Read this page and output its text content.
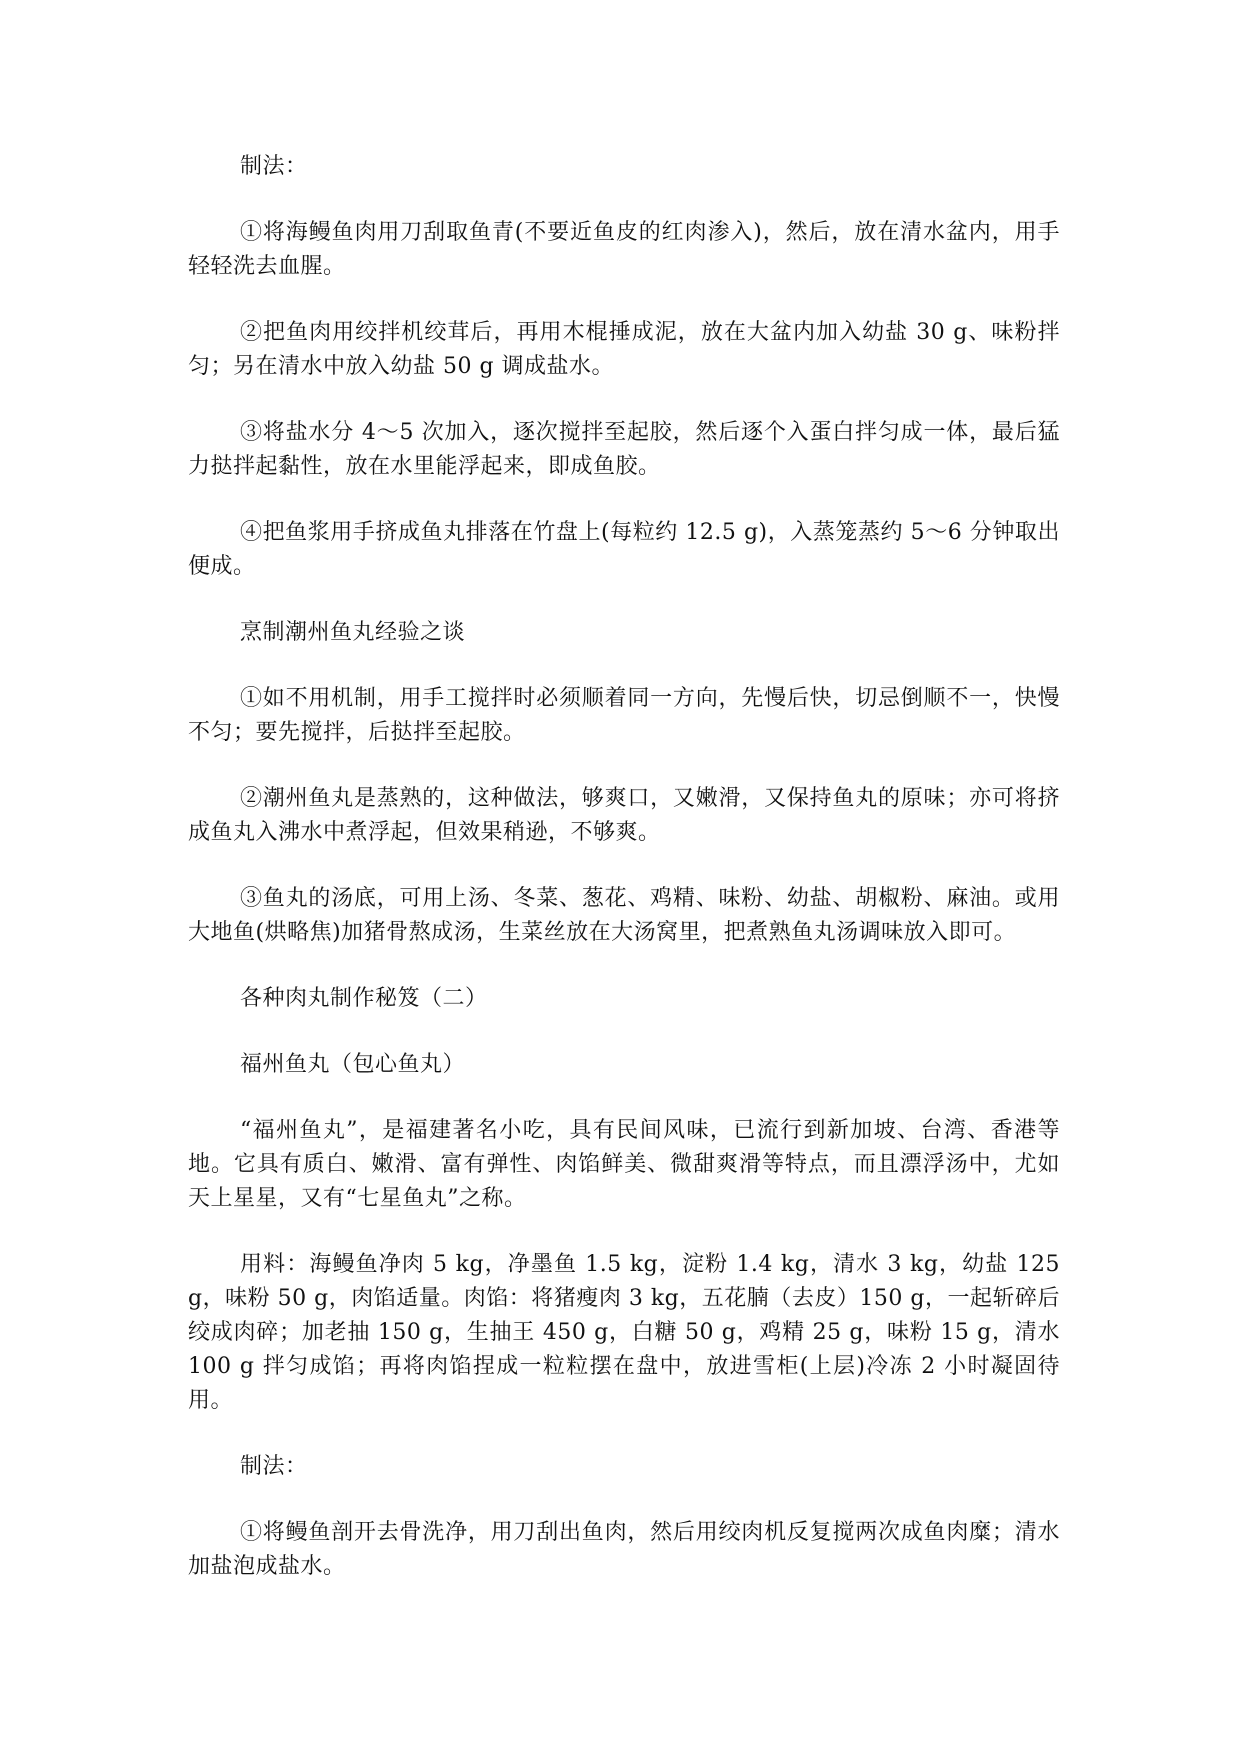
制法：

①将海鳗鱼肉用刀刮取鱼青(不要近鱼皮的红肉渗入)，然后，放在清水盆内，用手轻轻洗去血腥。

②把鱼肉用绞拌机绞茸后，再用木棍捶成泥，放在大盆内加入幼盐 30 g、味粉拌匀；另在清水中放入幼盐 50 g 调成盐水。

③将盐水分 4～5 次加入，逐次搅拌至起胶，然后逐个入蛋白拌匀成一体，最后猛力挞拌起黏性，放在水里能浮起来，即成鱼胶。

④把鱼浆用手挤成鱼丸排落在竹盘上(每粒约 12.5 g)，入蒸笼蒸约 5～6 分钟取出便成。

烹制潮州鱼丸经验之谈

①如不用机制，用手工搅拌时必须顺着同一方向，先慢后快，切忌倒顺不一，快慢不匀；要先搅拌，后挞拌至起胶。

②潮州鱼丸是蒸熟的，这种做法，够爽口，又嫩滑，又保持鱼丸的原味；亦可将挤成鱼丸入沸水中煮浮起，但效果稍逊，不够爽。

③鱼丸的汤底，可用上汤、冬菜、葱花、鸡精、味粉、幼盐、胡椒粉、麻油。或用大地鱼(烘略焦)加猪骨熬成汤，生菜丝放在大汤窝里，把煮熟鱼丸汤调味放入即可。

各种肉丸制作秘笈（二）

福州鱼丸（包心鱼丸）

“福州鱼丸”，是福建著名小吃，具有民间风味，已流行到新加坡、台湾、香港等地。它具有质白、嫩滑、富有弹性、肉馅鲜美、微甜爽滑等特点，而且漂浮汤中，尤如天上星星，又有“七星鱼丸”之称。

用料：海鳗鱼净肉 5 kg，净墨鱼 1.5 kg，淀粉 1.4 kg，清水 3 kg，幼盐 125 g，味粉 50 g，肉馅适量。肉馅：将猪瘦肉 3 kg，五花腩（去皮）150 g，一起斩碎后绞成肉碎；加老抽 150 g，生抽王 450 g，白糖 50 g，鸡精 25 g，味粉 15 g，清水 100 g 拌匀成馅；再将肉馅捏成一粒粒摆在盘中，放进雪柜(上层)冷冻 2 小时凝固待用。

制法：

①将鳗鱼剖开去骨洗净，用刀刮出鱼肉，然后用绞肉机反复搅两次成鱼肉糜；清水加盐泡成盐水。
